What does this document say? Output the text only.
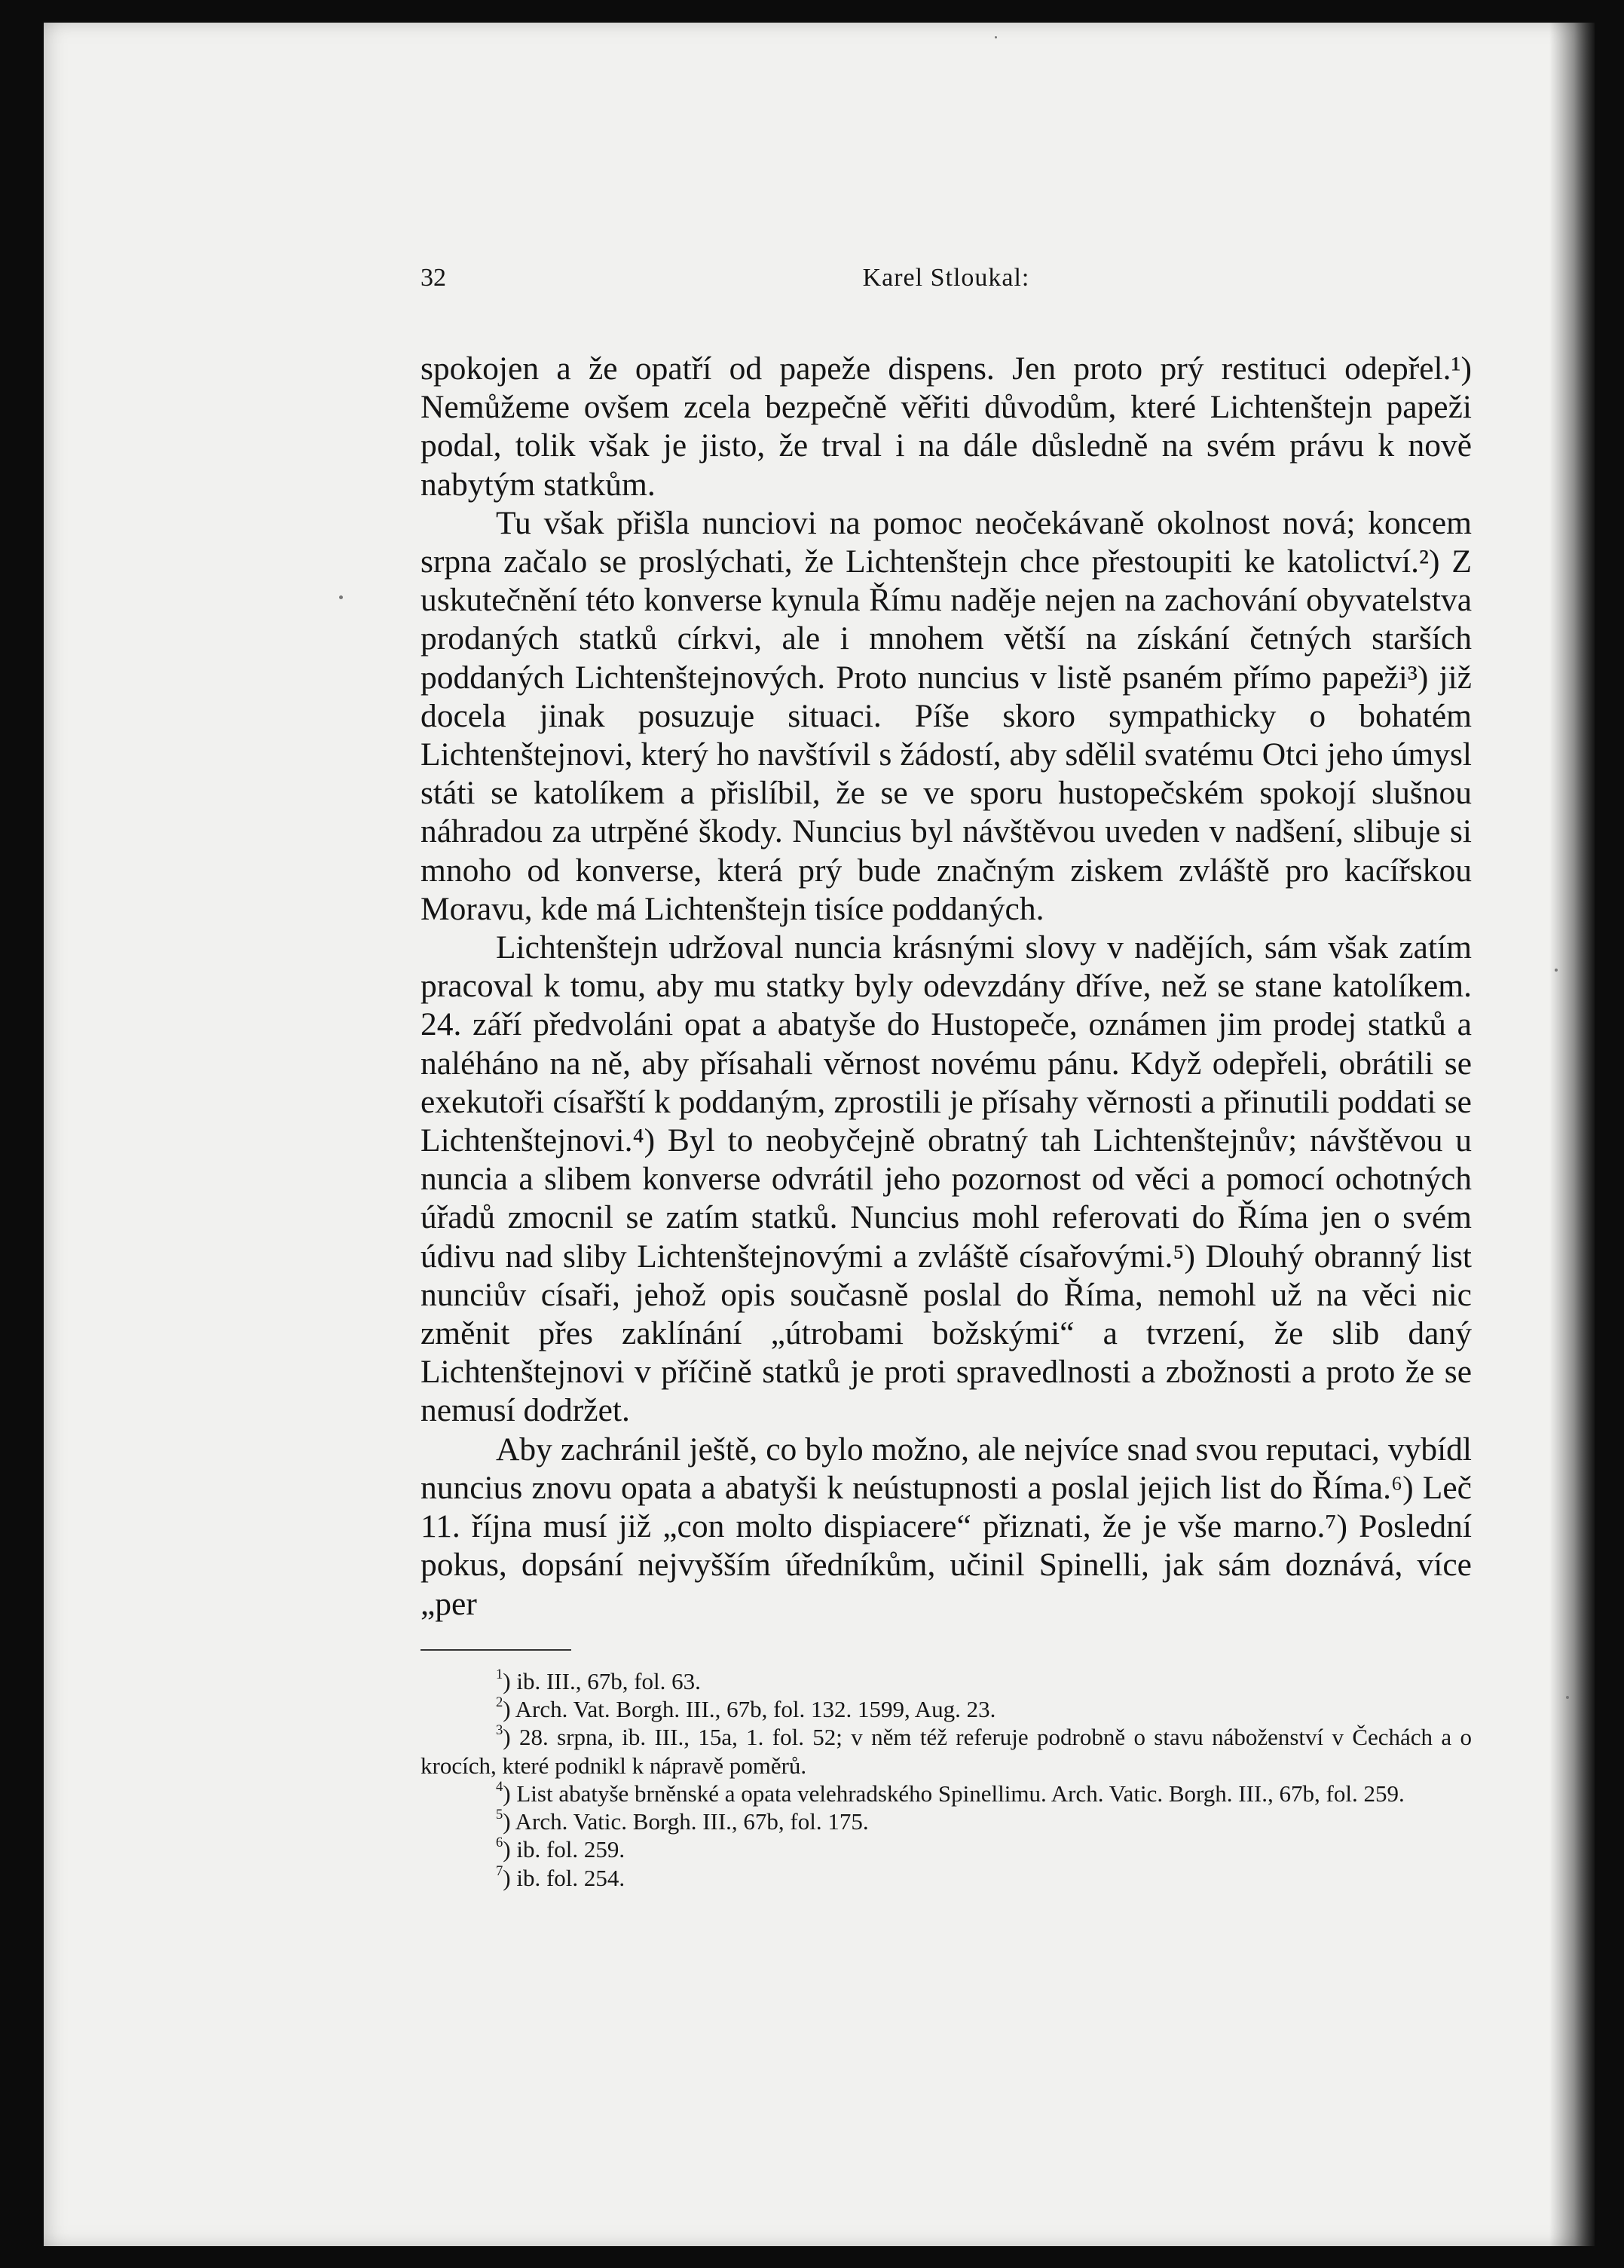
32	Karel Stloukal:

spokojen a že opatří od papeže dispens. Jen proto prý restituci odepřel.¹) Nemůžeme ovšem zcela bezpečně věřiti důvodům, které Lichtenštejn papeži podal, tolik však je jisto, že trval i na dále důsledně na svém právu k nově nabytým statkům.

Tu však přišla nunciovi na pomoc neočekávaně okolnost nová; koncem srpna začalo se proslýchati, že Lichtenštejn chce přestoupiti ke katolictví.²) Z uskutečnění této konverse kynula Římu naděje nejen na zachování obyvatelstva prodaných statků církvi, ale i mnohem větší na získání četných starších poddaných Lichtenštejnových. Proto nuncius v listě psaném přímo papeži³) již docela jinak posuzuje situaci. Píše skoro sympathicky o bohatém Lichtenštejnovi, který ho navštívil s žádostí, aby sdělil svatému Otci jeho úmysl státi se katolíkem a přislíbil, že se ve sporu hustopečském spokojí slušnou náhradou za utrpěné škody. Nuncius byl návštěvou uveden v nadšení, slibuje si mnoho od konverse, která prý bude značným ziskem zvláště pro kacířskou Moravu, kde má Lichtenštejn tisíce poddaných.

Lichtenštejn udržoval nuncia krásnými slovy v nadějích, sám však zatím pracoval k tomu, aby mu statky byly odevzdány dříve, než se stane katolíkem. 24. září předvoláni opat a abatyše do Hustopeče, oznámen jim prodej statků a naléháno na ně, aby přísahali věrnost novému pánu. Když odepřeli, obrátili se exekutoři císařští k poddaným, zprostili je přísahy věrnosti a přinutili poddati se Lichtenštejnovi.⁴) Byl to neobyčejně obratný tah Lichtenštejnův; návštěvou u nuncia a slibem konverse odvrátil jeho pozornost od věci a pomocí ochotných úřadů zmocnil se zatím statků. Nuncius mohl referovati do Říma jen o svém údivu nad sliby Lichtenštejnovými a zvláště císařovými.⁵) Dlouhý obranný list nunciův císaři, jehož opis současně poslal do Říma, nemohl už na věci nic změnit přes zaklínání „útrobami božskými“ a tvrzení, že slib daný Lichtenštejnovi v příčině statků je proti spravedlnosti a zbožnosti a proto že se nemusí dodržet.

Aby zachránil ještě, co bylo možno, ale nejvíce snad svou reputaci, vybídl nuncius znovu opata a abatyši k neústupnosti a poslal jejich list do Říma.⁶) Leč 11. října musí již „con molto dispiacere“ přiznati, že je vše marno.⁷) Poslední pokus, dopsání nejvyšším úředníkům, učinil Spinelli, jak sám doznává, více „per

$^1$) ib. III., 67b, fol. 63.

$^2$) Arch. Vat. Borgh. III., 67b, fol. 132. 1599, Aug. 23.

$^3$) 28. srpna, ib. III., 15a, 1. fol. 52; v něm též referuje podrobně o stavu náboženství v Čechách a o krocích, které podnikl k nápravě poměrů.

$^4$) List abatyše brněnské a opata velehradského Spinellimu. Arch. Vatic. Borgh. III., 67b, fol. 259.

$^5$) Arch. Vatic. Borgh. III., 67b, fol. 175.

$^6$) ib. fol. 259.

$^7$) ib. fol. 254.
